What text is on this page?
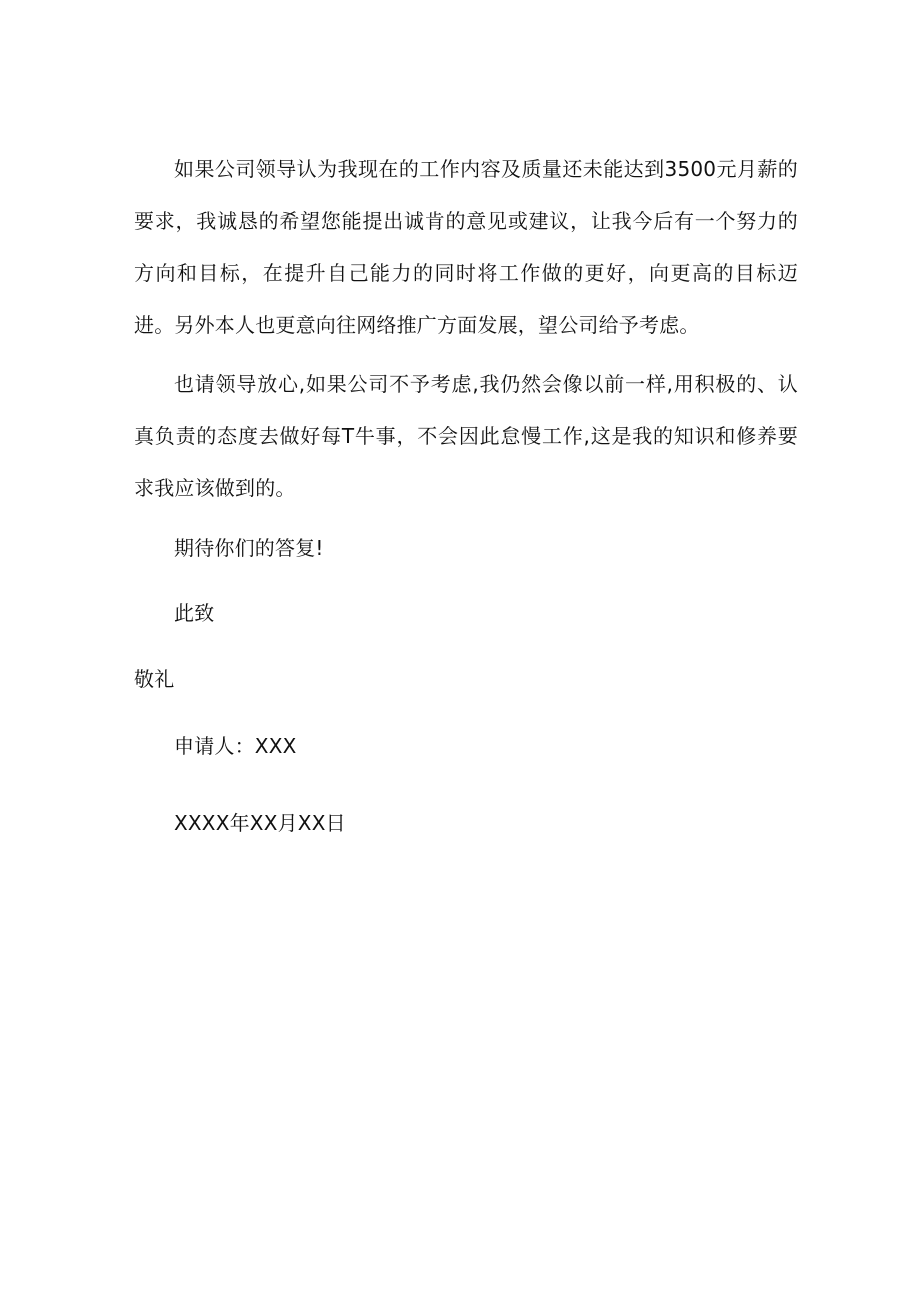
如果公司领导认为我现在的工作内容及质量还未能达到3500元月薪的要求，我诚恳的希望您能提出诚肯的意见或建议，让我今后有一个努力的方向和目标，在提升自己能力的同时将工作做的更好，向更高的目标迈进。另外本人也更意向往网络推广方面发展，望公司给予考虑。

也请领导放心,如果公司不予考虑,我仍然会像以前一样,用积极的、认真负责的态度去做好每T牛事，不会因此怠慢工作,这是我的知识和修养要求我应该做到的。

期待你们的答复!

此致

敬礼

申请人：XXX

XXXX年XX月XX日
